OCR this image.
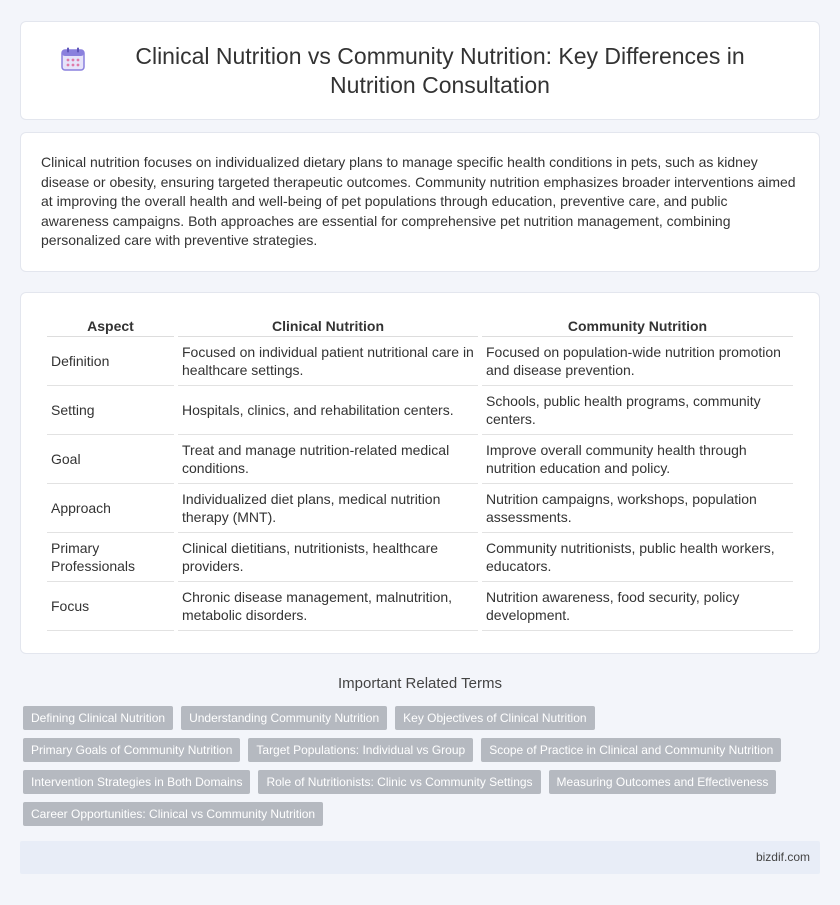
Clinical Nutrition vs Community Nutrition: Key Differences in Nutrition Consultation

Clinical nutrition focuses on individualized dietary plans to manage specific health conditions in pets, such as kidney disease or obesity, ensuring targeted therapeutic outcomes. Community nutrition emphasizes broader interventions aimed at improving the overall health and well-being of pet populations through education, preventive care, and public awareness campaigns. Both approaches are essential for comprehensive pet nutrition management, combining personalized care with preventive strategies.

Aspect	Clinical Nutrition	Community Nutrition
Definition	Focused on individual patient nutritional care in healthcare settings.	Focused on population-wide nutrition promotion and disease prevention.
Setting	Hospitals, clinics, and rehabilitation centers.	Schools, public health programs, community centers.
Goal	Treat and manage nutrition-related medical conditions.	Improve overall community health through nutrition education and policy.
Approach	Individualized diet plans, medical nutrition therapy (MNT).	Nutrition campaigns, workshops, population assessments.
Primary Professionals	Clinical dietitians, nutritionists, healthcare providers.	Community nutritionists, public health workers, educators.
Focus	Chronic disease management, malnutrition, metabolic disorders.	Nutrition awareness, food security, policy development.
Important Related Terms
Defining Clinical Nutrition	Understanding Community Nutrition	Key Objectives of Clinical Nutrition
Primary Goals of Community Nutrition	Target Populations: Individual vs Group	Scope of Practice in Clinical and Community Nutrition
Intervention Strategies in Both Domains	Role of Nutritionists: Clinic vs Community Settings	Measuring Outcomes and Effectiveness
Career Opportunities: Clinical vs Community Nutrition
bizdif.com
